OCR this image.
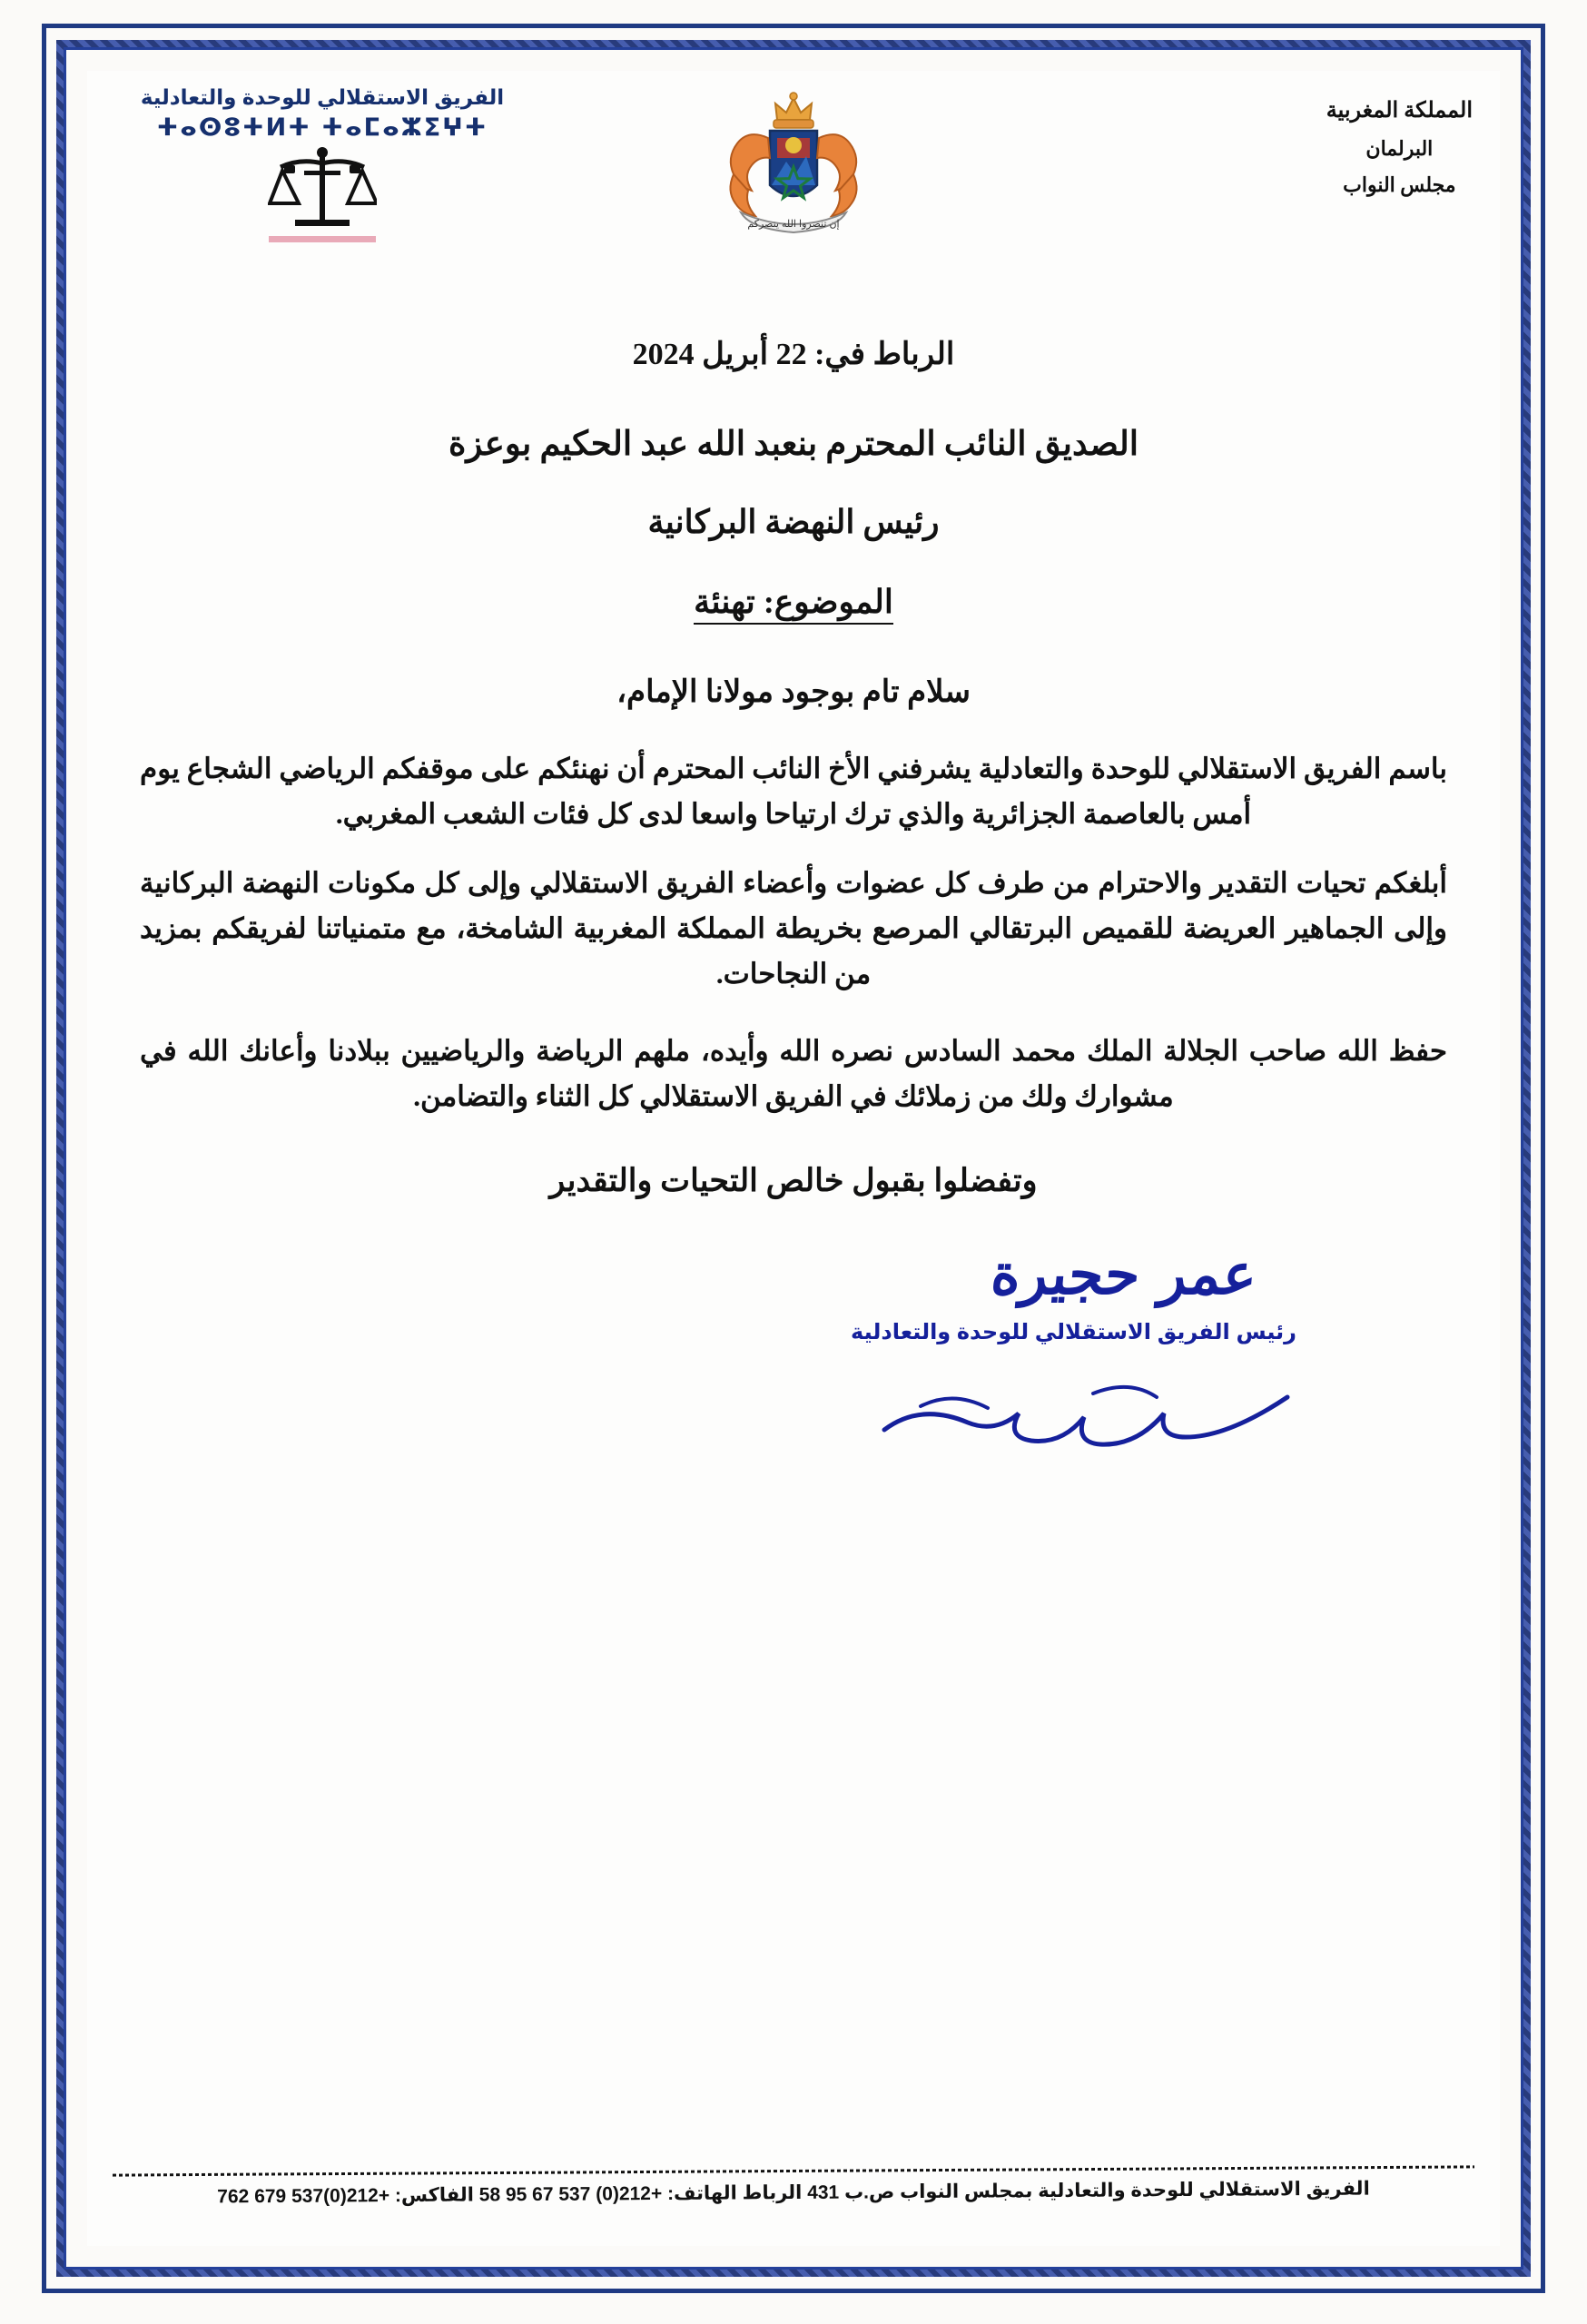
المملكة المغربية
البرلمان
مجلس النواب
إن تنصروا الله ينصركم
الفريق الاستقلالي للوحدة والتعادلية
ⵜⴰⵙⵓⵜⵍⵜ ⵜⴰⵎⴰⵣⵉⵖⵜ
الرباط في: 22 أبريل 2024
الصديق النائب المحترم بنعبد الله عبد الحكيم بوعزة
رئيس النهضة البركانية
الموضوع: تهنئة
سلام تام بوجود مولانا الإمام،
باسم الفريق الاستقلالي للوحدة والتعادلية يشرفني الأخ النائب المحترم أن نهنئكم على موقفكم الرياضي الشجاع يوم أمس بالعاصمة الجزائرية والذي ترك ارتياحا واسعا لدى كل فئات الشعب المغربي.
أبلغكم تحيات التقدير والاحترام من طرف كل عضوات وأعضاء الفريق الاستقلالي وإلى كل مكونات النهضة البركانية وإلى الجماهير العريضة للقميص البرتقالي المرصع بخريطة المملكة المغربية الشامخة، مع متمنياتنا لفريقكم بمزيد من النجاحات.
حفظ الله صاحب الجلالة الملك محمد السادس نصره الله وأيده، ملهم الرياضة والرياضيين ببلادنا وأعانك الله في مشوارك ولك من زملائك في الفريق الاستقلالي كل الثناء والتضامن.
وتفضلوا بقبول خالص التحيات والتقدير
عمر حجيرة
رئيس الفريق الاستقلالي للوحدة والتعادلية
الفريق الاستقلالي للوحدة والتعادلية بمجلس النواب ص.ب 431 الرباط الهاتف: +212(0) 537 67 95 58 الفاكس: +212(0)537 679 762
